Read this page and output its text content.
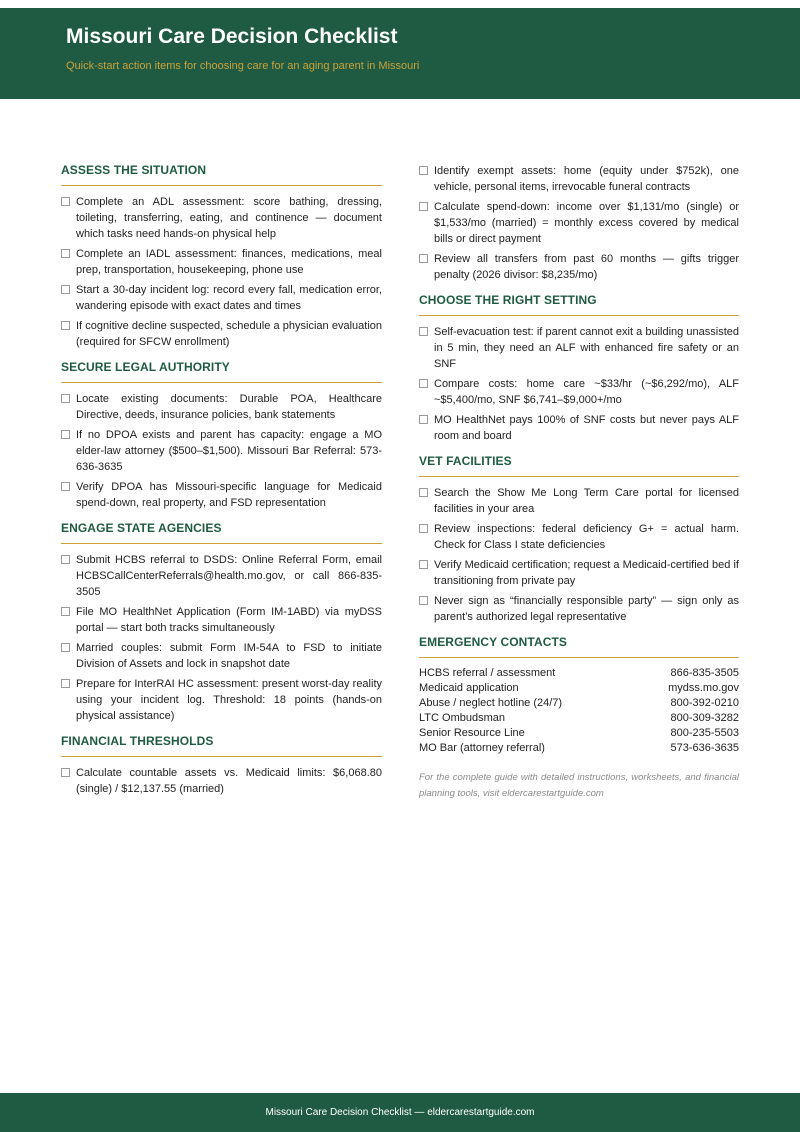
Missouri Care Decision Checklist
Quick-start action items for choosing care for an aging parent in Missouri
ASSESS THE SITUATION
Complete an ADL assessment: score bathing, dressing, toileting, transferring, eating, and continence — document which tasks need hands-on physical help
Complete an IADL assessment: finances, medications, meal prep, transportation, housekeeping, phone use
Start a 30-day incident log: record every fall, medication error, wandering episode with exact dates and times
If cognitive decline suspected, schedule a physician evaluation (required for SFCW enrollment)
SECURE LEGAL AUTHORITY
Locate existing documents: Durable POA, Healthcare Directive, deeds, insurance policies, bank statements
If no DPOA exists and parent has capacity: engage a MO elder-law attorney ($500–$1,500). Missouri Bar Referral: 573-636-3635
Verify DPOA has Missouri-specific language for Medicaid spend-down, real property, and FSD representation
ENGAGE STATE AGENCIES
Submit HCBS referral to DSDS: Online Referral Form, email HCBSCallCenterReferrals@health.mo.gov, or call 866-835-3505
File MO HealthNet Application (Form IM-1ABD) via myDSS portal — start both tracks simultaneously
Married couples: submit Form IM-54A to FSD to initiate Division of Assets and lock in snapshot date
Prepare for InterRAI HC assessment: present worst-day reality using your incident log. Threshold: 18 points (hands-on physical assistance)
FINANCIAL THRESHOLDS
Calculate countable assets vs. Medicaid limits: $6,068.80 (single) / $12,137.55 (married)
Identify exempt assets: home (equity under $752k), one vehicle, personal items, irrevocable funeral contracts
Calculate spend-down: income over $1,131/mo (single) or $1,533/mo (married) = monthly excess covered by medical bills or direct payment
Review all transfers from past 60 months — gifts trigger penalty (2026 divisor: $8,235/mo)
CHOOSE THE RIGHT SETTING
Self-evacuation test: if parent cannot exit a building unassisted in 5 min, they need an ALF with enhanced fire safety or an SNF
Compare costs: home care ~$33/hr (~$6,292/mo), ALF ~$5,400/mo, SNF $6,741–$9,000+/mo
MO HealthNet pays 100% of SNF costs but never pays ALF room and board
VET FACILITIES
Search the Show Me Long Term Care portal for licensed facilities in your area
Review inspections: federal deficiency G+ = actual harm. Check for Class I state deficiencies
Verify Medicaid certification; request a Medicaid-certified bed if transitioning from private pay
Never sign as “financially responsible party” — sign only as parent’s authorized legal representative
EMERGENCY CONTACTS
HCBS referral / assessment	866-835-3505
Medicaid application	mydss.mo.gov
Abuse / neglect hotline (24/7)	800-392-0210
LTC Ombudsman	800-309-3282
Senior Resource Line	800-235-5503
MO Bar (attorney referral)	573-636-3635
For the complete guide with detailed instructions, worksheets, and financial planning tools, visit eldercarestartguide.com
Missouri Care Decision Checklist — eldercarestartguide.com
